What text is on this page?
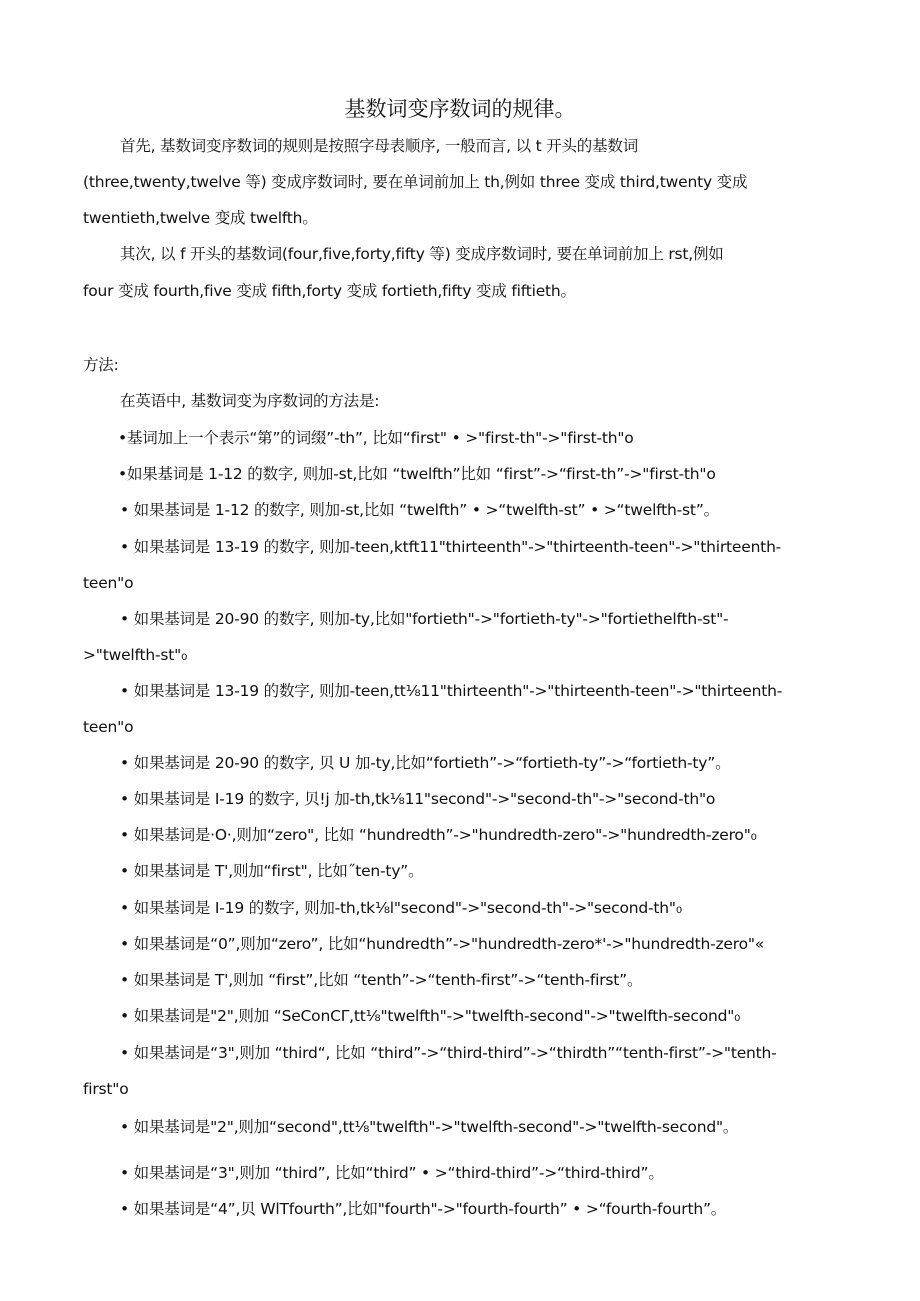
基数词变序数词的规律。
首先, 基数词变序数词的规则是按照字母表顺序, 一般而言, 以 t 开头的基数词
(three,twenty,twelve 等) 变成序数词时, 要在单词前加上 th,例如 three 变成 third,twenty 变成
twentieth,twelve 变成 twelfth。
其次, 以 f 开头的基数词(four,five,forty,fifty 等) 变成序数词时, 要在单词前加上 rst,例如
four 变成 fourth,five 变成 fifth,forty 变成 fortieth,fifty 变成 fiftieth。
方法:
在英语中, 基数词变为序数词的方法是:
•基词加上一个表示“第”的词缀”-th”, 比如“first" • >"first-th"->"first-th"o
•如果基词是 1-12 的数字, 则加-st,比如 “twelfth”比如 “first”->“first-th”->"first-th"o
• 如果基词是 1-12 的数字, 则加-st,比如 “twelfth” • >“twelfth-st” • >“twelfth-st”。
• 如果基词是 13-19 的数字, 则加-teen,ktft11"thirteenth"->"thirteenth-teen"->"thirteenth-
teen"o
• 如果基词是 20-90 的数字, 则加-ty,比如"fortieth"->"fortieth-ty"->"fortiethelfth-st"-
>"twelfth-st"₀
• 如果基词是 13-19 的数字, 则加-teen,tt⅛11"thirteenth"->"thirteenth-teen"->"thirteenth-
teen"o
• 如果基词是 20-90 的数字, 贝 U 加-ty,比如“fortieth”->“fortieth-ty”->“fortieth-ty”。
• 如果基词是 I-19 的数字, 贝!j 加-th,tk⅛11"second"->"second-th"->"second-th"o
• 如果基词是·O·,则加“zero", 比如 “hundredth”->"hundredth-zero"->"hundredth-zero"₀
• 如果基词是 T',则加“first", 比如˝ten-ty”。
• 如果基词是 I-19 的数字, 则加-th,tk⅛l"second"->"second-th"->"second-th"₀
• 如果基词是“0”,则加“zero”, 比如“hundredth”->"hundredth-zero*'->"hundredth-zero"«
• 如果基词是 T',则加 “first”,比如 “tenth”->“tenth-first”->“tenth-first”。
• 如果基词是"2",则加 “SeConCΓ,tt⅛"twelfth"->"twelfth-second"->"twelfth-second"₀
• 如果基词是“3",则加 “third“, 比如 “third”->“third-third”->“thirdth”“tenth-first”->"tenth-
first"o
• 如果基词是"2",则加“second",tt⅛"twelfth"->"twelfth-second"->"twelfth-second"。
• 如果基词是“3",则加 “third”, 比如“third” • >“third-third”->“third-third”。
• 如果基词是“4”,贝 WlTfourth”,比如"fourth"->"fourth-fourth” • >“fourth-fourth”。
